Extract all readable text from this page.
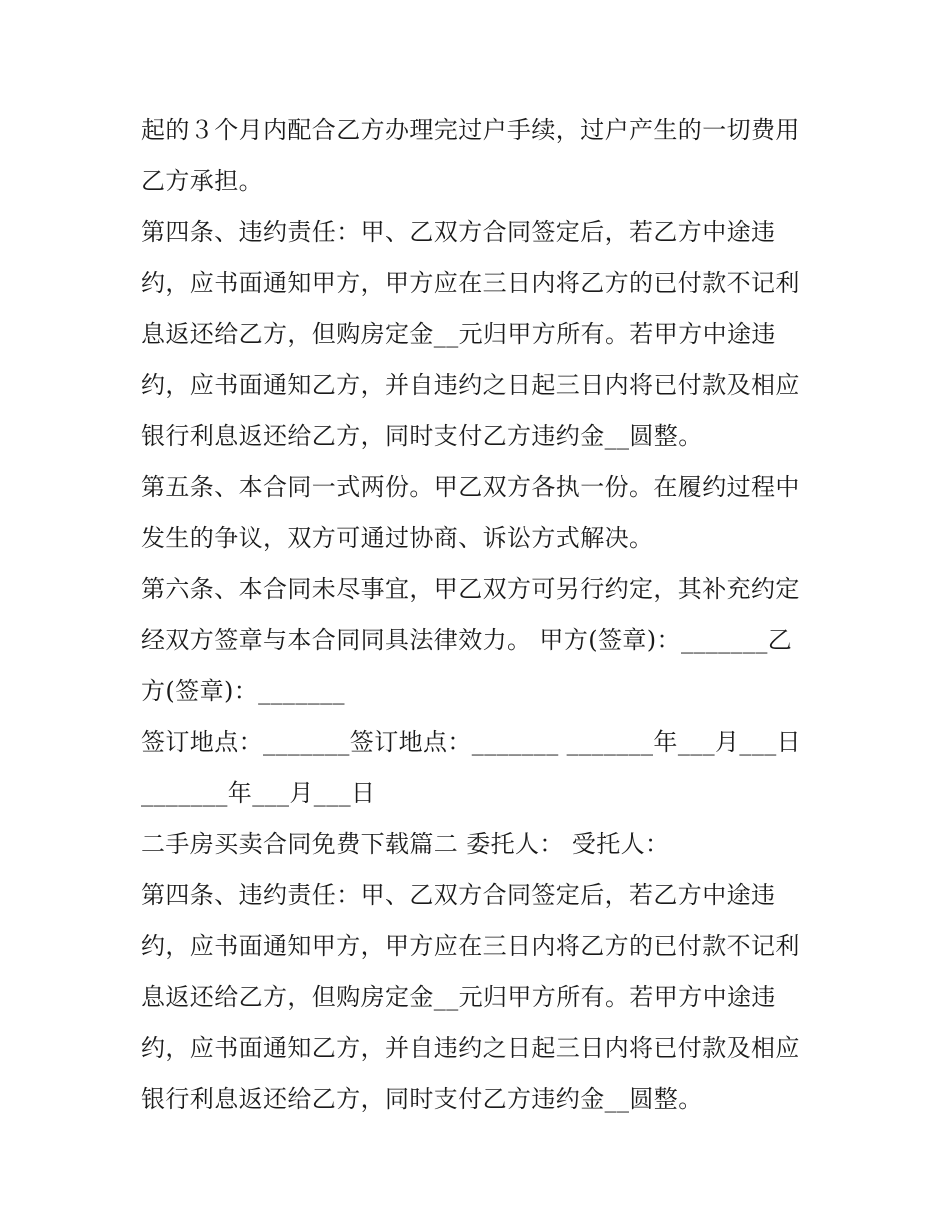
起的３个月内配合乙方办理完过户手续，过户产生的一切费用
乙方承担。
第四条、违约责任：甲、乙双方合同签定后，若乙方中途违
约，应书面通知甲方，甲方应在三日内将乙方的已付款不记利
息返还给乙方，但购房定金__元归甲方所有。若甲方中途违
约，应书面通知乙方，并自违约之日起三日内将已付款及相应
银行利息返还给乙方，同时支付乙方违约金__圆整。
第五条、本合同一式两份。甲乙双方各执一份。在履约过程中
发生的争议，双方可通过协商、诉讼方式解决。
第六条、本合同未尽事宜，甲乙双方可另行约定，其补充约定
经双方签章与本合同同具法律效力。 甲方(签章)：_______乙
方(签章)：_______
签订地点：_______签订地点：_______ _______年___月___日
_______年___月___日
二手房买卖合同免费下载篇二 委托人： 受托人：
第四条、违约责任：甲、乙双方合同签定后，若乙方中途违
约，应书面通知甲方，甲方应在三日内将乙方的已付款不记利
息返还给乙方，但购房定金__元归甲方所有。若甲方中途违
约，应书面通知乙方，并自违约之日起三日内将已付款及相应
银行利息返还给乙方，同时支付乙方违约金__圆整。
